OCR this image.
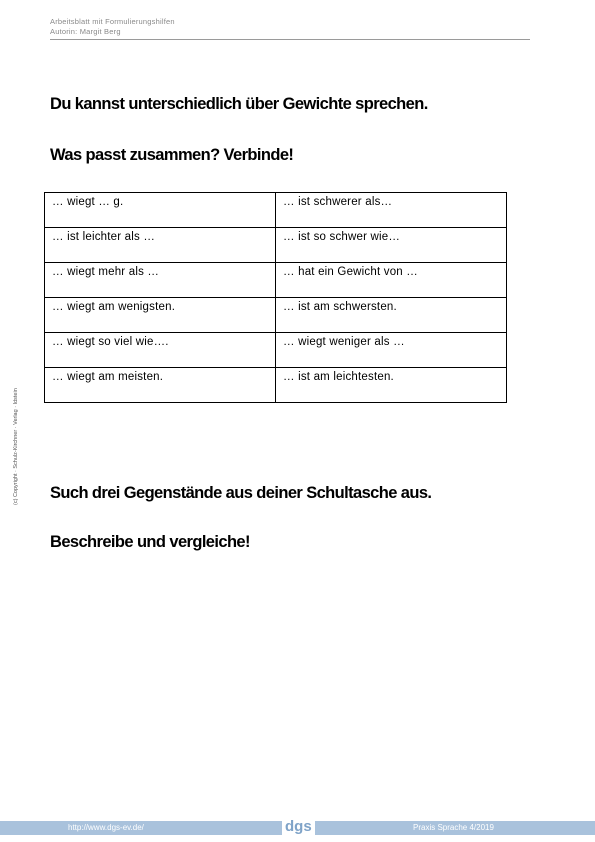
Arbeitsblatt mit Formulierungshilfen
Autorin: Margit Berg
Du kannst unterschiedlich über Gewichte sprechen.
Was passt zusammen? Verbinde!
… wiegt … g.	… ist schwerer als…
… ist leichter als …	… ist so schwer wie…
… wiegt mehr als …	… hat ein Gewicht von …
… wiegt am wenigsten.	… ist am schwersten.
… wiegt so viel wie….	… wiegt weniger als …
… wiegt am meisten.	… ist am leichtesten.
Such drei Gegenstände aus deiner Schultasche aus.
Beschreibe und vergleiche!
(c) Copyright · Schulz-Kirchner · Verlag · Idstein
http://www.dgs-ev.de/	dgs	Praxis Sprache 4/2019
